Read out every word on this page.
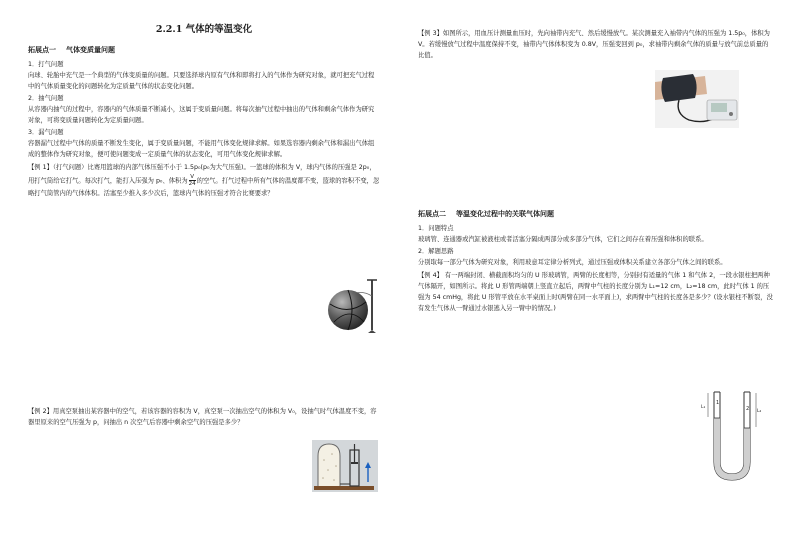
2.2.1 气体的等温变化
拓展点一 气体变质量问题

1．打气问题

向球、轮胎中充气是一个典型的气体变质量的问题。只要选择球内原有气体和即将打入的气体作为研究对象，就可把充气过程中的气体质量变化的问题转化为定质量气体的状态变化问题。

2．抽气问题

从容器内抽气的过程中，容器内的气体质量不断减小，这属于变质量问题。将每次抽气过程中抽出的气体和剩余气体作为研究对象，可将变质量问题转化为定质量问题。

3．漏气问题

容器漏气过程中气体的质量不断发生变化，属于变质量问题，不能用气体变化规律求解。如果选容器内剩余气体和漏出气体组成的整体作为研究对象，便可使问题变成一定质量气体的状态变化，可用气体变化规律求解。

【例 1】（打气问题）比赛用篮球的内部气体压强不小于 1.5p₀(p₀为大气压强)。一篮球的体积为 V，球内气体的压强是 2p₀，用打气筒给它打气。每次打气，能打入压强为 p₀、体积为 $\frac{V}{24}$ 的空气。打气过程中所有气体的温度都不变，篮球的容积不变，忽略打气筒管内的气体体积。活塞至少推入多少次后，篮球内气体的压强才符合比赛要求？

【例 2】用真空泵抽出某容器中的空气，若该容器的容积为 V，真空泵一次抽出空气的体积为 V₀，设抽气时气体温度不变，容器里原来的空气压强为 p，问抽出 n 次空气后容器中剩余空气的压强是多少？

【例 3】如图所示，用血压计测量血压时，先向袖带内充气、然后缓慢放气。某次测量充入袖带内气体的压强为 1.5p₀，体积为 V。若缓慢放气过程中温度保持不变，袖带内气体体积变为 0.8V，压强变回到 p₀，求袖带内剩余气体的质量与放气前总质量的比值。

拓展点二 等温变化过程中的关联气体问题

1．问题特点

玻璃管、连通器或汽缸被液柱或者活塞分隔成两部分或多部分气体，它们之间存在着压强和体积的联系。

2．解题思路

分别取每一部分气体为研究对象，利用玻意耳定律分析列式，通过压强或体积关系建立各部分气体之间的联系。

【例 4】 有一两端封闭、横截面积均匀的 U 形玻璃管，两臂的长度相等，分别封有适量的气体 1 和气体 2，一段水银柱把两种气体隔开，如图所示。将此 U 形管两端朝上竖直立起后，两臂中气柱的长度分别为 L₁=12 cm，L₂=18 cm，此时气体 1 的压强为 54 cmHg，将此 U 形管平放在水平桌面上时(两臂在同一水平面上)，求两臂中气柱的长度各是多少？(设水银柱不断裂，没有发生气体从一臂通过水银逃入另一臂中的情况。)

1
2
L₁
L₂
